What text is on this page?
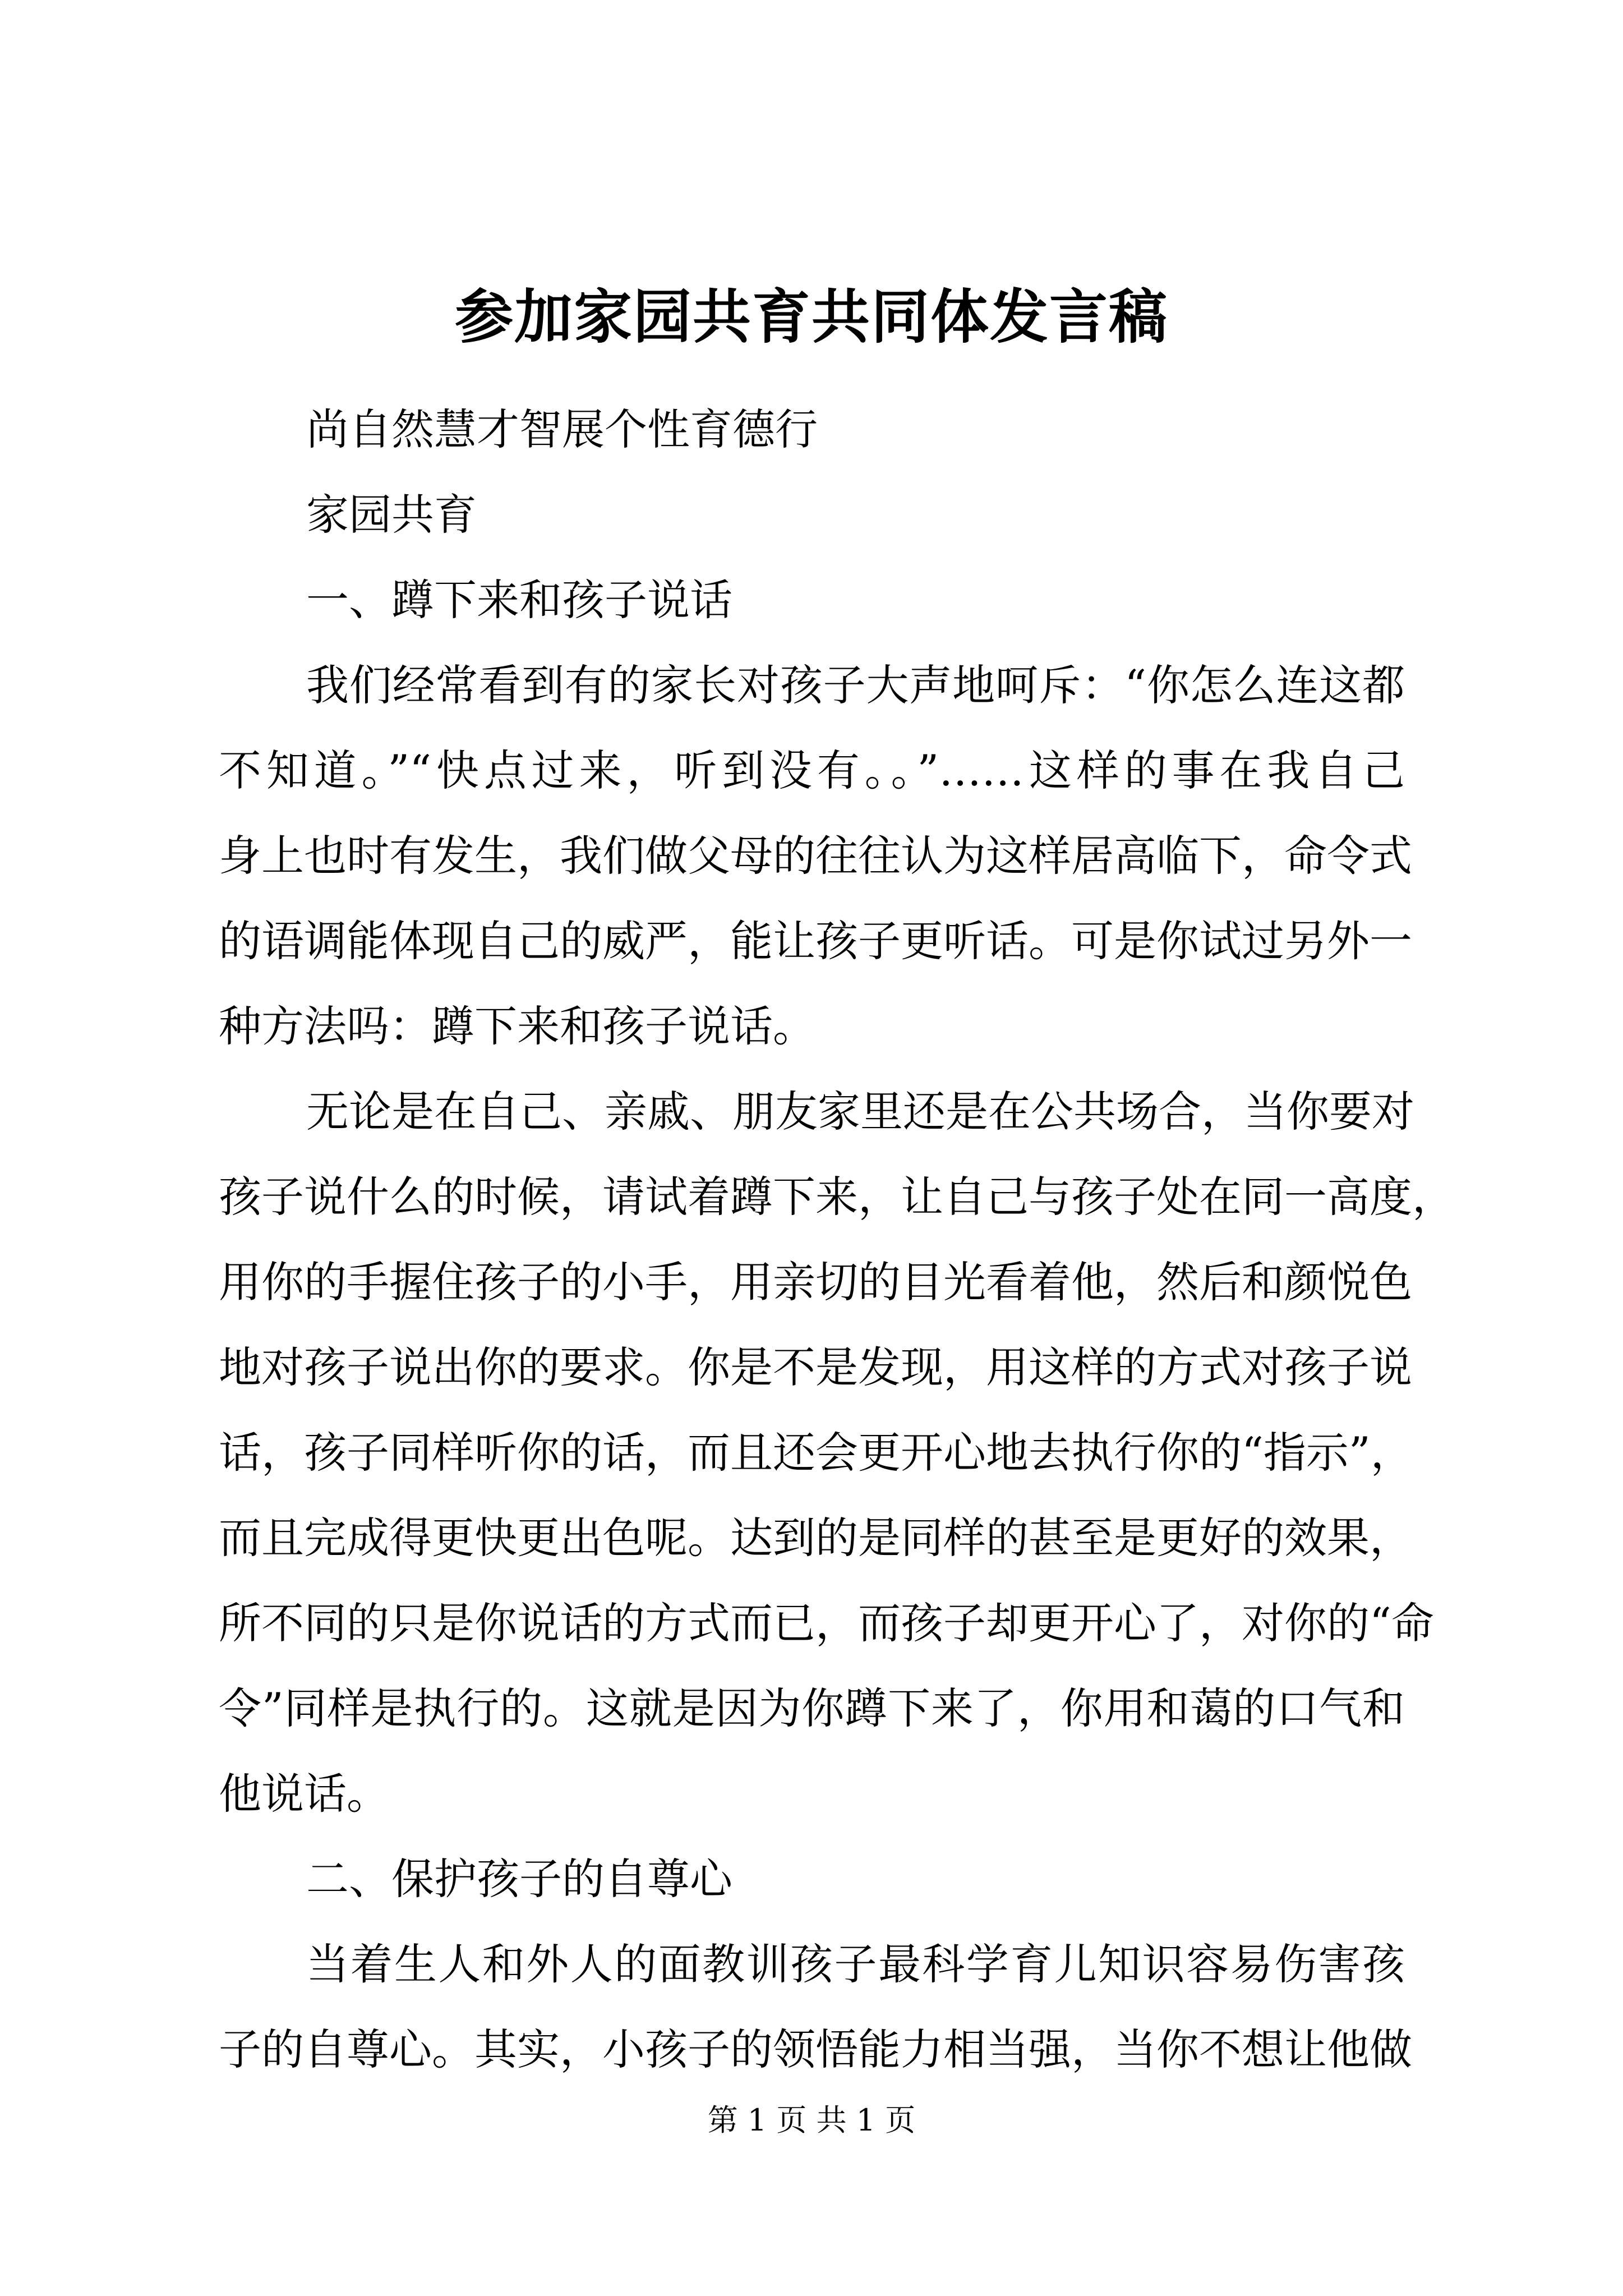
参加家园共育共同体发言稿
尚自然慧才智展个性育德行
家园共育
一、蹲下来和孩子说话
我们经常看到有的家长对孩子大声地呵斥：“你怎么连这都
不知道。”“快点过来，听到没有。。”……这样的事在我自己
身上也时有发生，我们做父母的往往认为这样居高临下，命令式
的语调能体现自己的威严，能让孩子更听话。可是你试过另外一
种方法吗：蹲下来和孩子说话。
无论是在自己、亲戚、朋友家里还是在公共场合，当你要对
孩子说什么的时候，请试着蹲下来，让自己与孩子处在同一高度，
用你的手握住孩子的小手，用亲切的目光看着他，然后和颜悦色
地对孩子说出你的要求。你是不是发现，用这样的方式对孩子说
话，孩子同样听你的话，而且还会更开心地去执行你的“指示”，
而且完成得更快更出色呢。达到的是同样的甚至是更好的效果，
所不同的只是你说话的方式而已，而孩子却更开心了，对你的“命
令”同样是执行的。这就是因为你蹲下来了，你用和蔼的口气和
他说话。
二、保护孩子的自尊心
当着生人和外人的面教训孩子最科学育儿知识容易伤害孩
子的自尊心。其实，小孩子的领悟能力相当强，当你不想让他做
第 1 页 共 1 页
